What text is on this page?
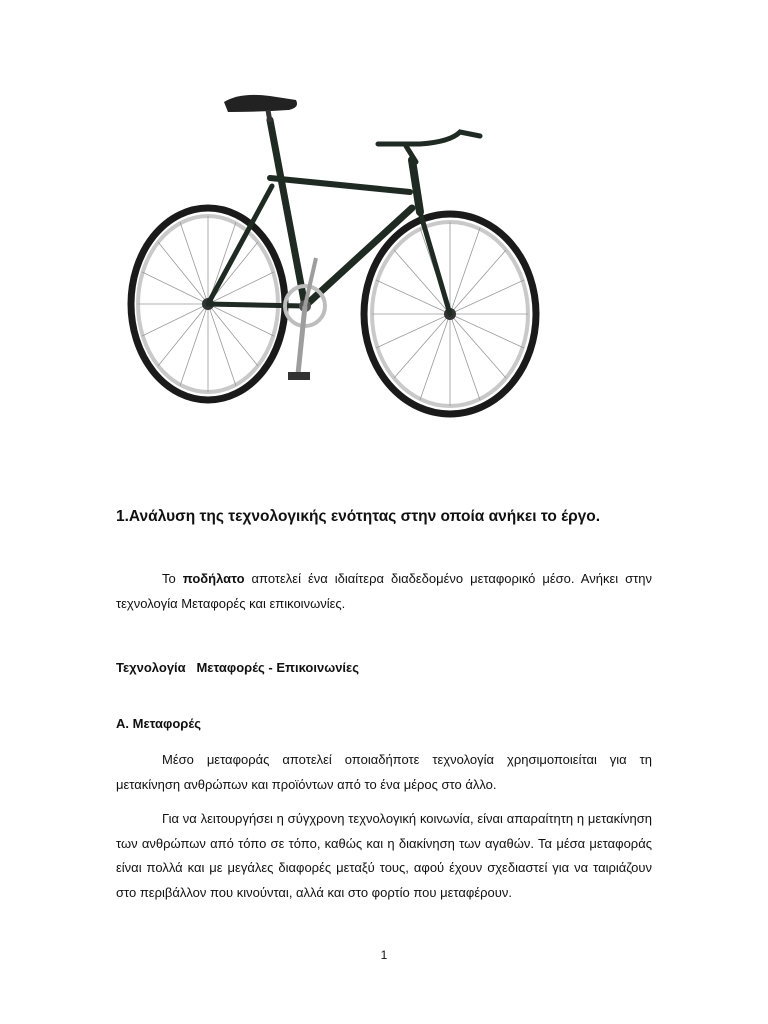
1.Ανάλυση της τεχνολογικής ενότητας στην οποία ανήκει το έργο.

Το ποδήλατο αποτελεί ένα ιδιαίτερα διαδεδομένο μεταφορικό μέσο. Ανήκει στην τεχνολογία Μεταφορές και επικοινωνίες.

Τεχνολογία   Μεταφορές - Επικοινωνίες

Α. Μεταφορές

Μέσο μεταφοράς αποτελεί οποιαδήποτε τεχνολογία χρησιμοποιείται για τη μετακίνηση ανθρώπων και προϊόντων από το ένα μέρος στο άλλο.

Για να λειτουργήσει η σύγχρονη τεχνολογική κοινωνία, είναι απαραίτητη η μετακίνηση των ανθρώπων από τόπο σε τόπο, καθώς και η διακίνηση των αγαθών. Τα μέσα μεταφοράς είναι πολλά και με μεγάλες διαφορές μεταξύ τους, αφού έχουν σχεδιαστεί για να ταιριάζουν στο περιβάλλον που κινούνται, αλλά και στο φορτίο που μεταφέρουν.

1
